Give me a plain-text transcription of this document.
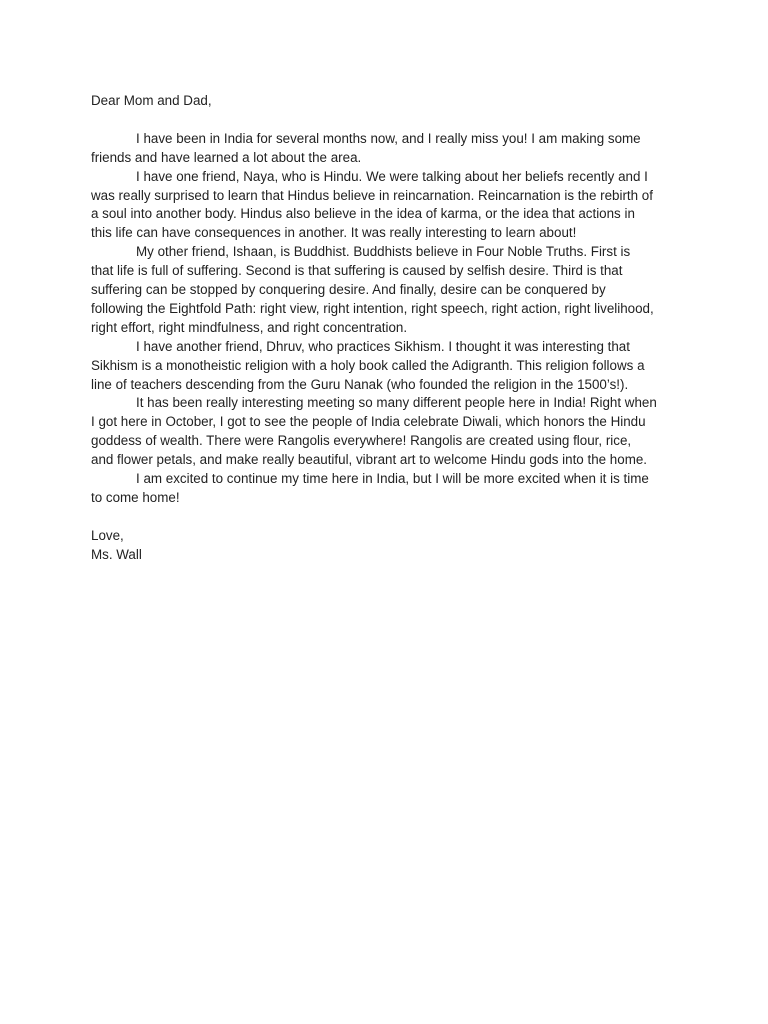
Dear Mom and Dad,
I have been in India for several months now, and I really miss you! I am making some
friends and have learned a lot about the area.
I have one friend, Naya, who is Hindu. We were talking about her beliefs recently and I
was really surprised to learn that Hindus believe in reincarnation. Reincarnation is the rebirth of
a soul into another body. Hindus also believe in the idea of karma, or the idea that actions in
this life can have consequences in another. It was really interesting to learn about!
My other friend, Ishaan, is Buddhist. Buddhists believe in Four Noble Truths. First is
that life is full of suffering. Second is that suffering is caused by selfish desire. Third is that
suffering can be stopped by conquering desire. And finally, desire can be conquered by
following the Eightfold Path: right view, right intention, right speech, right action, right livelihood,
right effort, right mindfulness, and right concentration.
I have another friend, Dhruv, who practices Sikhism. I thought it was interesting that
Sikhism is a monotheistic religion with a holy book called the Adigranth. This religion follows a
line of teachers descending from the Guru Nanak (who founded the religion in the 1500’s!).
It has been really interesting meeting so many different people here in India! Right when
I got here in October, I got to see the people of India celebrate Diwali, which honors the Hindu
goddess of wealth. There were Rangolis everywhere! Rangolis are created using flour, rice,
and flower petals, and make really beautiful, vibrant art to welcome Hindu gods into the home.
I am excited to continue my time here in India, but I will be more excited when it is time
to come home!
Love,
Ms. Wall
